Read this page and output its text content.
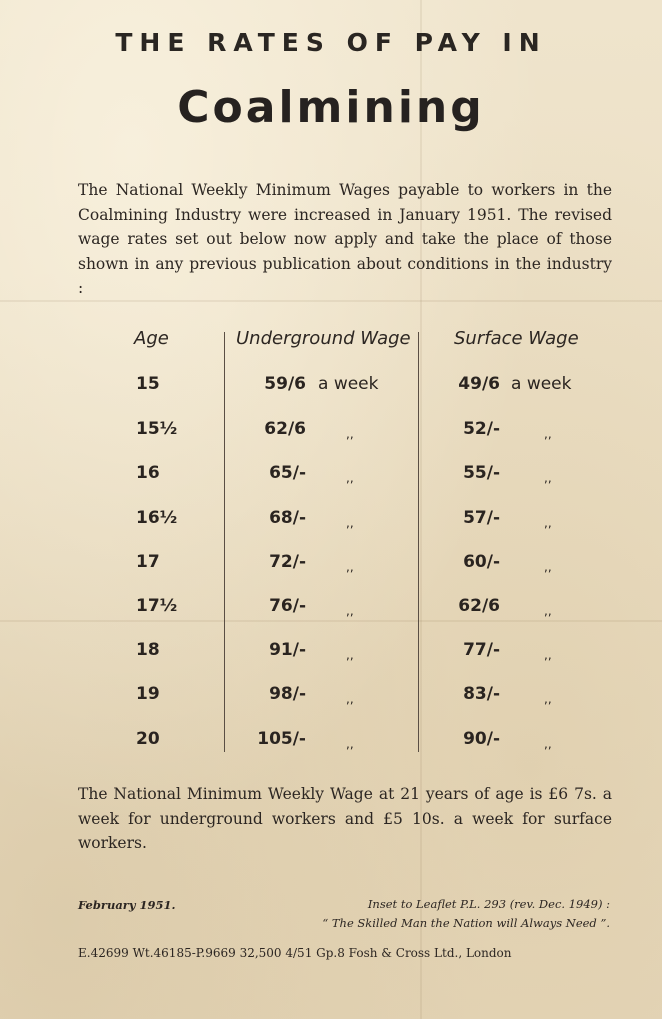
THE RATES OF PAY IN
Coalmining
The National Weekly Minimum Wages payable to workers in the Coalmining Industry were increased in January 1951. The revised wage rates set out below now apply and take the place of those shown in any previous publication about conditions in the industry :
Age	Underground Wage Surface Wage
15	59/6 a week	49/6 a week
15½	62/6	,,	52/-	,,
16	65/-	,,	55/-	,,
16½	68/-	,,	57/-	,,
17	72/-	,,	60/-	,,
17½	76/-	,,	62/6	,,
18	91/-	,,	77/-	,,
19	98/-	,,	83/-	,,
20	105/-	,,	90/-	,,
The National Minimum Weekly Wage at 21 years of age is £6 7s. a week for underground workers and £5 10s. a week for surface workers.
February 1951.	Inset to Leaflet P.L. 293 (rev. Dec. 1949) :
“ The Skilled Man the Nation will Always Need ”.
E.42699 Wt.46185-P.9669 32,500 4/51 Gp.8 Fosh & Cross Ltd., London
